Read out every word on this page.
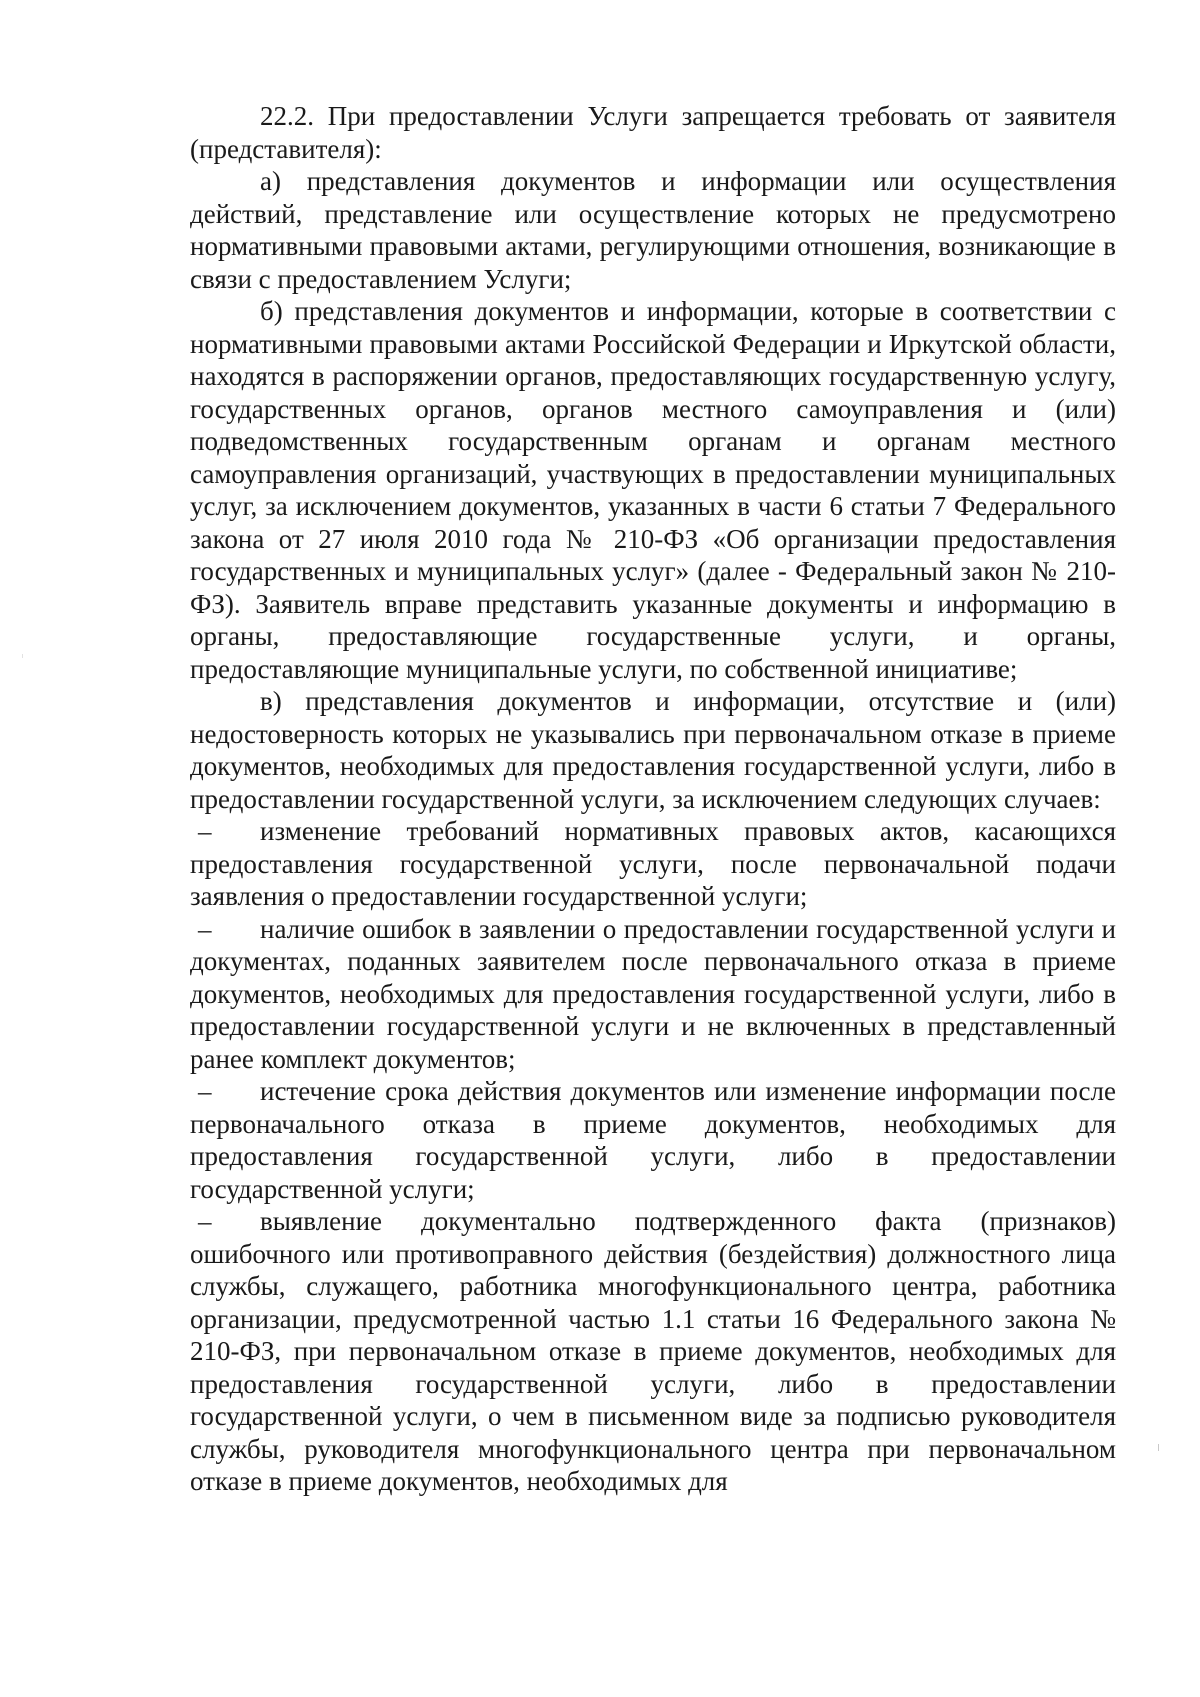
22.2. При предоставлении Услуги запрещается требовать от заявителя (представителя):

а) представления документов и информации или осуществления действий, представление или осуществление которых не предусмотрено нормативными правовыми актами, регулирующими отношения, возникающие в связи с предоставлением Услуги;

б) представления документов и информации, которые в соответствии с нормативными правовыми актами Российской Федерации и Иркутской области, находятся в распоряжении органов, предоставляющих государственную услугу, государственных органов, органов местного самоуправления и (или) подведомственных государственным органам и органам местного самоуправления организаций, участвующих в предоставлении муниципальных услуг, за исключением документов, указанных в части 6 статьи 7 Федерального закона от 27 июля 2010 года № 210-ФЗ «Об организации предоставления государственных и муниципальных услуг» (далее - Федеральный закон № 210-ФЗ). Заявитель вправе представить указанные документы и информацию в органы, предоставляющие государственные услуги, и органы, предоставляющие муниципальные услуги, по собственной инициативе;

в) представления документов и информации, отсутствие и (или) недостоверность которых не указывались при первоначальном отказе в приеме документов, необходимых для предоставления государственной услуги, либо в предоставлении государственной услуги, за исключением следующих случаев:

– изменение требований нормативных правовых актов, касающихся предоставления государственной услуги, после первоначальной подачи заявления о предоставлении государственной услуги;

– наличие ошибок в заявлении о предоставлении государственной услуги и документах, поданных заявителем после первоначального отказа в приеме документов, необходимых для предоставления государственной услуги, либо в предоставлении государственной услуги и не включенных в представленный ранее комплект документов;

– истечение срока действия документов или изменение информации после первоначального отказа в приеме документов, необходимых для предоставления государственной услуги, либо в предоставлении государственной услуги;

– выявление документально подтвержденного факта (признаков) ошибочного или противоправного действия (бездействия) должностного лица службы, служащего, работника многофункционального центра, работника организации, предусмотренной частью 1.1 статьи 16 Федерального закона № 210-ФЗ, при первоначальном отказе в приеме документов, необходимых для предоставления государственной услуги, либо в предоставлении государственной услуги, о чем в письменном виде за подписью руководителя службы, руководителя многофункционального центра при первоначальном отказе в приеме документов, необходимых для
